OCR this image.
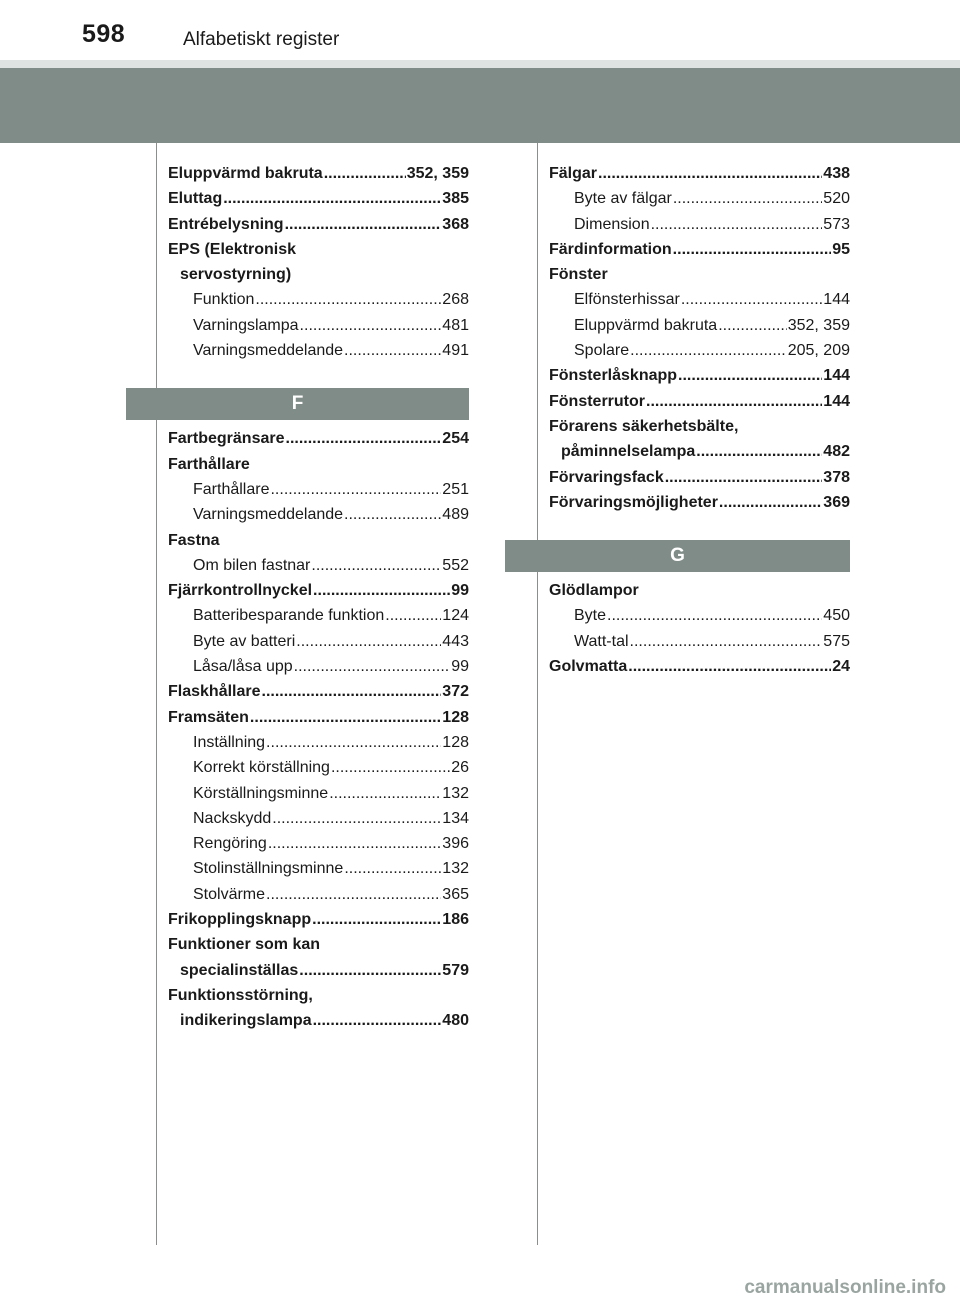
598	Alfabetiskt register
Eluppvärmd bakruta .....	352, 359
Eluttag .....	385
Entrébelysning .....	368
EPS (Elektronisk
servostyrning)
Funktion .....	268
Varningslampa .....	481
Varningsmeddelande .....	491
F
Fartbegränsare .....	254
Farthållare
Farthållare .....	251
Varningsmeddelande .....	489
Fastna
Om bilen fastnar .....	552
Fjärrkontrollnyckel .....	99
Batteribesparande funktion .....	124
Byte av batteri .....	443
Låsa/låsa upp .....	99
Flaskhållare .....	372
Framsäten .....	128
Inställning .....	128
Korrekt körställning .....	26
Körställningsminne .....	132
Nackskydd .....	134
Rengöring .....	396
Stolinställningsminne .....	132
Stolvärme .....	365
Frikopplingsknapp .....	186
Funktioner som kan
specialinställas .....	579
Funktionsstörning,
indikeringslampa .....	480
Fälgar .....	438
Byte av fälgar .....	520
Dimension .....	573
Färdinformation .....	95
Fönster
Elfönsterhissar .....	144
Eluppvärmd bakruta .....	352, 359
Spolare .....	205, 209
Fönsterlåsknapp .....	144
Fönsterrutor .....	144
Förarens säkerhetsbälte,
påminnelselampa .....	482
Förvaringsfack .....	378
Förvaringsmöjligheter .....	369
G
Glödlampor
Byte .....	450
Watt-tal .....	575
Golvmatta .....	24
carmanualsonline.info
